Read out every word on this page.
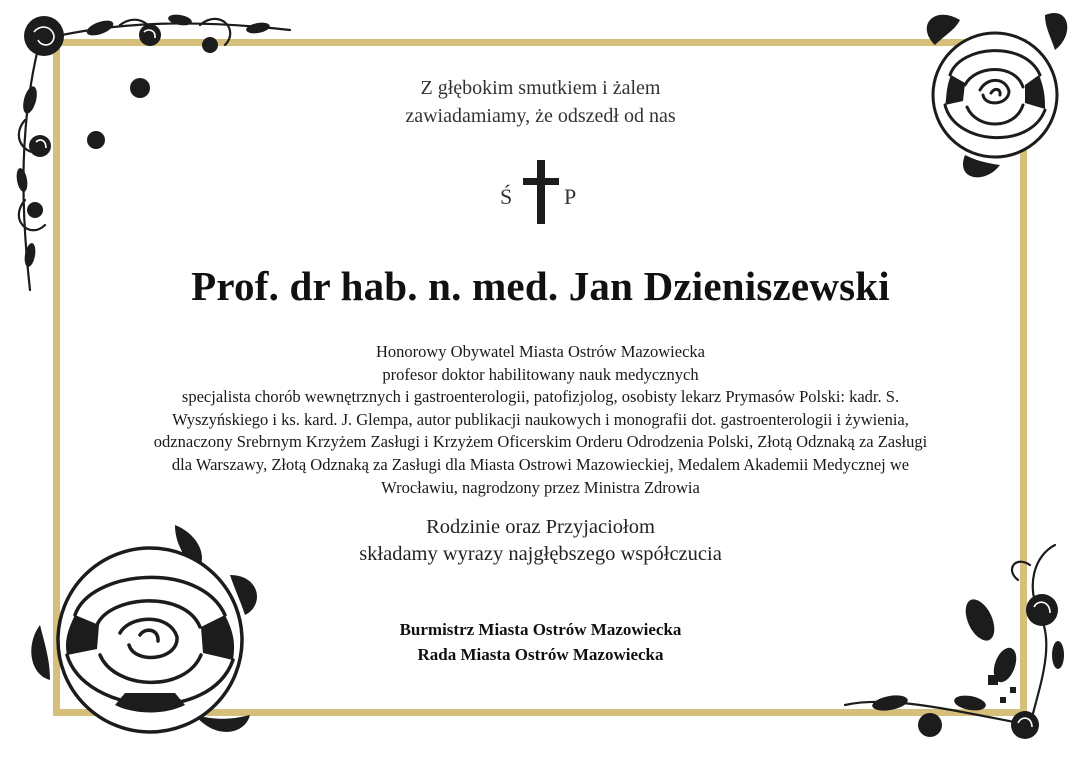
Z głębokim smutkiem i żalem
zawiadamiamy, że odszedł od nas
Ś P
Prof. dr hab. n. med. Jan Dzieniszewski
Honorowy Obywatel Miasta Ostrów Mazowiecka
profesor doktor habilitowany nauk medycznych
specjalista chorób wewnętrznych i gastroenterologii, patofizjolog, osobisty lekarz Prymasów Polski: kadr. S.
Wyszyńskiego i ks. kard. J. Glempa, autor publikacji naukowych i monografii dot. gastroenterologii i żywienia,
odznaczony Srebrnym Krzyżem Zasługi i Krzyżem Oficerskim Orderu Odrodzenia Polski, Złotą Odznaką za Zasługi
dla Warszawy, Złotą Odznaką za Zasługi dla Miasta Ostrowi Mazowieckiej, Medalem Akademii Medycznej we
Wrocławiu, nagrodzony przez Ministra Zdrowia
Rodzinie oraz Przyjaciołom
składamy wyrazy najgłębszego współczucia
Burmistrz Miasta Ostrów Mazowiecka
Rada Miasta Ostrów Mazowiecka
